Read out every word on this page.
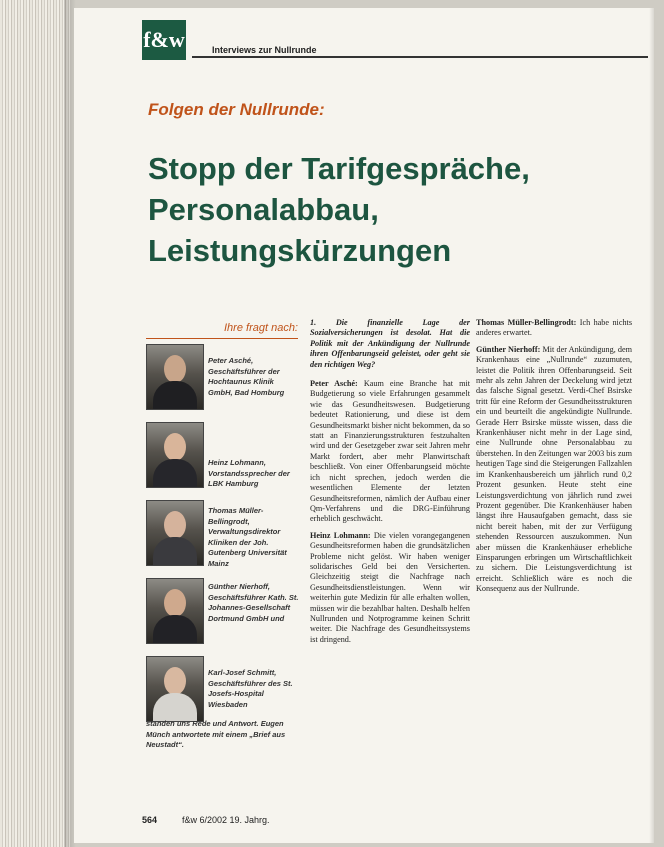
f&w	Interviews zur Nullrunde
Folgen der Nullrunde:
Stopp der Tarifgespräche,
Personalabbau,
Leistungskürzungen
Ihre fragt nach:
Peter Asché, Geschäftsführer der Hochtaunus Klinik GmbH, Bad Homburg
Heinz Lohmann, Vorstandssprecher der LBK Hamburg
Thomas Müller-Bellingrodt, Verwaltungsdirektor Kliniken der Joh. Gutenberg Universität Mainz
Günther Nierhoff, Geschäftsführer Kath. St. Johannes-Gesellschaft Dortmund GmbH und
Karl-Josef Schmitt, Geschäftsführer des St. Josefs-Hospital Wiesbaden
standen uns Rede und Antwort. Eugen Münch antwortete mit einem „Brief aus Neustadt“.
1. Die finanzielle Lage der Sozialversicherungen ist desolat. Hat die Politik mit der Ankündigung der Nullrunde ihren Offenbarungseid geleistet, oder geht sie den richtigen Weg?

Peter Asché: Kaum eine Branche hat mit Budgetierung so viele Erfahrungen gesammelt wie das Gesundheitswesen. Budgetierung bedeutet Rationierung, und diese ist dem Gesundheitsmarkt bisher nicht bekommen, da so statt an Finanzierungsstrukturen festzuhalten wird und der Gesetzgeber zwar seit Jahren mehr Markt fordert, aber mehr Planwirtschaft beschließt. Von einer Offenbarungseid möchte ich nicht sprechen, jedoch werden die wesentlichen Elemente der letzten Gesundheitsreformen, nämlich der Aufbau einer Qm-Verfahrens und die DRG-Einführung erheblich geschwächt.

Heinz Lohmann: Die vielen vorangegangenen Gesundheitsreformen haben die grundsätzlichen Probleme nicht gelöst. Wir haben weniger solidarisches Geld bei den Versicherten. Gleichzeitig steigt die Nachfrage nach Gesundheitsdienstleistungen. Wenn wir weiterhin gute Medizin für alle erhalten wollen, müssen wir die bezahlbar halten. Deshalb helfen Nullrunden und Notprogramme keinen Schritt weiter. Die Nachfrage des Gesundheitssystems ist dringend.

Thomas Müller-Bellingrodt: Ich habe nichts anderes erwartet.

Günther Nierhoff: Mit der Ankündigung, dem Krankenhaus eine „Nullrunde“ zuzumuten, leistet die Politik ihren Offenbarungseid. Seit mehr als zehn Jahren der Deckelung wird jetzt das falsche Signal gesetzt. Verdi-Chef Bsirske tritt für eine Reform der Gesundheitsstrukturen ein und beurteilt die angekündigte Nullrunde. Gerade Herr Bsirske müsste wissen, dass die Krankenhäuser nicht mehr in der Lage sind, eine Nullrunde ohne Personalabbau zu überstehen. In den Zeitungen war 2003 bis zum heutigen Tage sind die Steigerungen Fallzahlen im Krankenhausbereich um jährlich rund 0,2 Prozent gesunken. Heute steht eine Leistungsverdichtung von jährlich rund zwei Prozent gegenüber. Die Krankenhäuser haben längst ihre Hausaufgaben gemacht, dass sie nicht bereit haben, mit der zur Verfügung stehenden Ressourcen auszukommen. Nun aber müssen die Krankenhäuser erhebliche Einsparungen erbringen um Wirtschaftlichkeit zu sichern. Die Leistungsverdichtung ist erreicht. Schließlich wäre es noch die Konsequenz aus der Nullrunde.

564	f&w 6/2002 19. Jahrg.
